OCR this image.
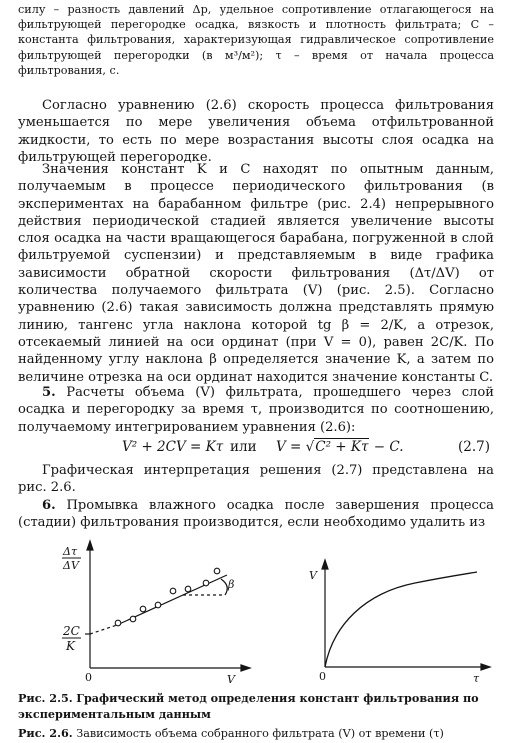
силу – разность давлений Δp, удельное сопротивление отлагающегося на фильтрующей перегородке осадка, вязкость и плотность фильтрата; C – константа фильтрования, характеризующая гидравлическое сопротивление фильтрующей перегородки (в м³/м²); τ – время от начала процесса фильтрования, с.
Согласно уравнению (2.6) скорость процесса фильтрования уменьшается по мере увеличения объема отфильтрованной жидкости, то есть по мере возрастания высоты слоя осадка на фильтрующей перегородке.
Значения констант K и C находят по опытным данным, получаемым в процессе периодического фильтрования (в экспериментах на барабанном фильтре (рис. 2.4) непрерывного действия периодической стадией является увеличение высоты слоя осадка на части вращающегося барабана, погруженной в слой фильтруемой суспензии) и представляемым в виде графика зависимости обратной скорости фильтрования (Δτ/ΔV) от количества получаемого фильтрата (V) (рис. 2.5). Согласно уравнению (2.6) такая зависимость должна представлять прямую линию, тангенс угла наклона которой tg β = 2/K, а отрезок, отсекаемый линией на оси ординат (при V = 0), равен 2C/K. По найденному углу наклона β определяется значение K, а затем по величине отрезка на оси ординат находится значение константы C.
5. Расчеты объема (V) фильтрата, прошедшего через слой осадка и перегородку за время τ, производится по соотношению, получаемому интегрированием уравнения (2.6):
V² + 2CV = Kτ или V = √C² + Kτ − C.	(2.7)
Графическая интерпретация решения (2.7) представлена на рис. 2.6.
6. Промывка влажного осадка после завершения процесса (стадии) фильтрования производится, если необходимо удалить из
Δτ
ΔV
2C
K
0	V
β
V
0	τ
Рис. 2.5. Графический метод определения констант фильтрования по экспериментальным данным
Рис. 2.6. Зависимость объема собранного фильтрата (V) от времени (τ)
